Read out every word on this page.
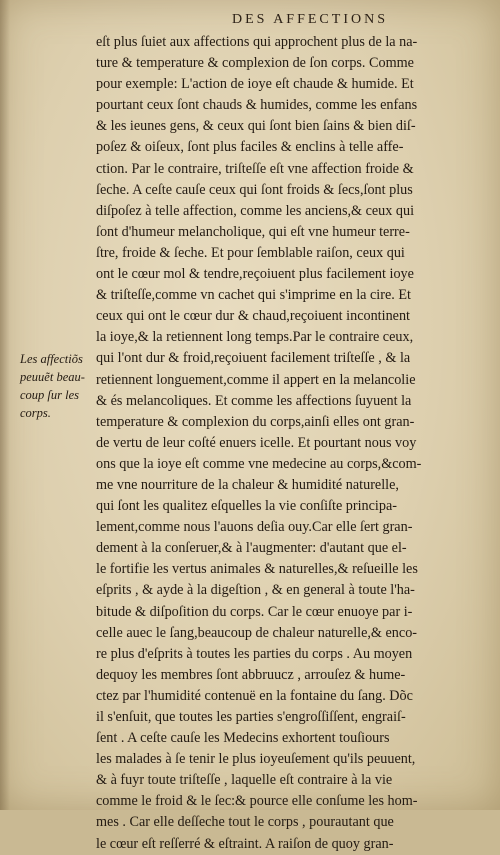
DES AFFECTIONS
Les affectiõs
peuuẽt beau-
coup ſur les
corps.
eſt plus ſuiet aux affections qui approchent plus de la na-
ture & temperature & complexion de ſon corps. Comme
pour exemple: L'action de ioye eſt chaude & humide. Et
pourtant ceux ſont chauds & humides, comme les enfans
& les ieunes gens, & ceux qui ſont bien ſains & bien diſ-
poſez & oiſeux, ſont plus faciles & enclins à telle affe-
ction. Par le contraire, triſteſſe eſt vne affection froide &
ſeche. A ceſte cauſe ceux qui ſont froids & ſecs,ſont plus
diſpoſez à telle affection, comme les anciens,& ceux qui
ſont d'humeur melancholique, qui eſt vne humeur terre-
ſtre, froide & ſeche. Et pour ſemblable raiſon, ceux qui
ont le cœur mol & tendre,reçoiuent plus facilement ioye
& triſteſſe,comme vn cachet qui s'imprime en la cire. Et
ceux qui ont le cœur dur & chaud,reçoiuent incontinent
la ioye,& la retiennent long temps.Par le contraire ceux,
qui l'ont dur & froid,reçoiuent facilement triſteſſe , & la
retiennent longuement,comme il appert en la melancolie
& és melancoliques. Et comme les affections ſuyuent la
temperature & complexion du corps,ainſi elles ont gran-
de vertu de leur coſté enuers icelle. Et pourtant nous voy
ons que la ioye eſt comme vne medecine au corps,&com-
me vne nourriture de la chaleur & humidité naturelle,
qui ſont les qualitez eſquelles la vie conſiſte principa-
lement,comme nous l'auons deſia ouy.Car elle ſert gran-
dement à la conſeruer,& à l'augmenter: d'autant que el-
le fortifie les vertus animales & naturelles,& reſueille les
eſprits , & ayde à la digeſtion , & en general à toute l'ha-
bitude & diſpoſition du corps. Car le cœur enuoye par i-
celle auec le ſang,beaucoup de chaleur naturelle,& enco-
re plus d'eſprits à toutes les parties du corps . Au moyen
dequoy les membres ſont abbruucz , arrouſez & hume-
ctez par l'humidité contenuë en la fontaine du ſang. Dõc
il s'enſuit, que toutes les parties s'engroſſiſſent, engraiſ-
ſent . A ceſte cauſe les Medecins exhortent touſiours
les malades à ſe tenir le plus ioyeuſement qu'ils peuuent,
& à fuyr toute triſteſſe , laquelle eſt contraire à la vie
comme le froid & le ſec:& pource elle conſume les hom-
mes . Car elle deſſeche tout le corps , pourautant que
le cœur eſt reſſerré & eſtraint. A raiſon de quoy gran-
